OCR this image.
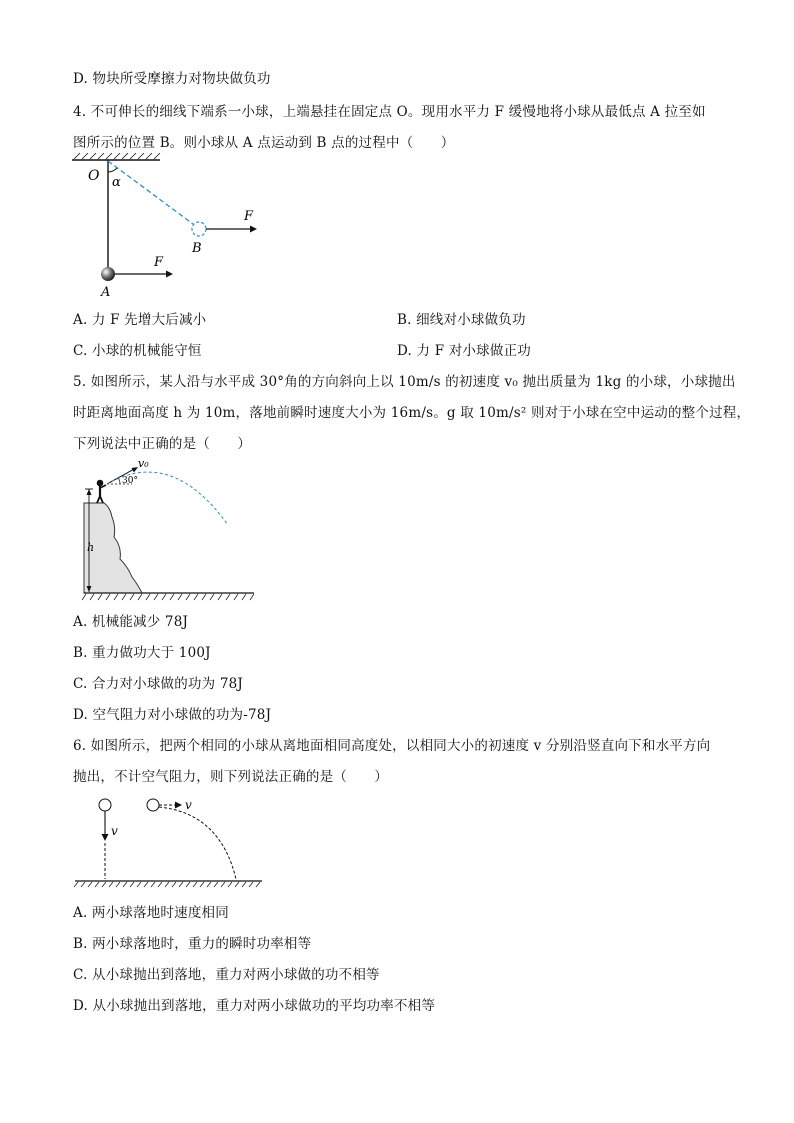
D. 物块所受摩擦力对物块做负功
4. 不可伸长的细线下端系一小球，上端悬挂在固定点 O。现用水平力 F 缓慢地将小球从最低点 A 拉至如
图所示的位置 B。则小球从 A 点运动到 B 点的过程中（　　）
O α
B
F
F
A
A. 力 F 先增大后减小	B. 细线对小球做负功
C. 小球的机械能守恒	D. 力 F 对小球做正功
5. 如图所示，某人沿与水平成 30°角的方向斜向上以 10m/s 的初速度 v₀ 抛出质量为 1kg 的小球，小球抛出
时距离地面高度 h 为 10m，落地前瞬时速度大小为 16m/s。g 取 10m/s² 则对于小球在空中运动的整个过程，
下列说法中正确的是（　　）
h
30°
v₀
A. 机械能减少 78J
B. 重力做功大于 100J
C. 合力对小球做的功为 78J
D. 空气阻力对小球做的功为-78J
6. 如图所示，把两个相同的小球从离地面相同高度处，以相同大小的初速度 v 分别沿竖直向下和水平方向
抛出，不计空气阻力，则下列说法正确的是（　　）
v
v
A. 两小球落地时速度相同
B. 两小球落地时，重力的瞬时功率相等
C. 从小球抛出到落地，重力对两小球做的功不相等
D. 从小球抛出到落地，重力对两小球做功的平均功率不相等
